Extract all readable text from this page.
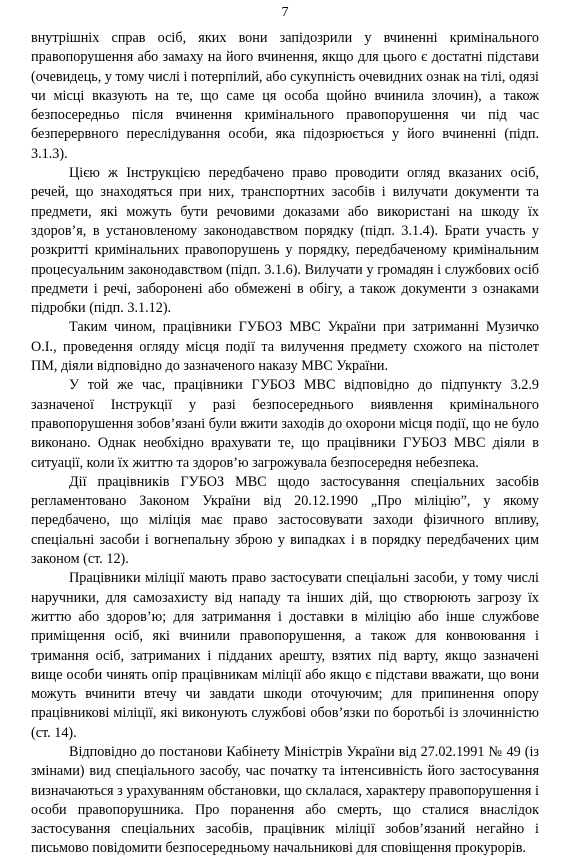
7

внутрішніх справ осіб, яких вони запідозрили у вчиненні кримінального правопорушення або замаху на його вчинення, якщо для цього є достатні підстави (очевидець, у тому числі і потерпілий, або сукупність очевидних ознак на тілі, одязі чи місці вказують на те, що саме ця особа щойно вчинила злочин), а також безпосередньо після вчинення кримінального правопорушення чи під час безперервного переслідування особи, яка підозрюється у його вчиненні (підп. 3.1.3).

Цією ж Інструкцією передбачено право проводити огляд вказаних осіб, речей, що знаходяться при них, транспортних засобів і вилучати документи та предмети, які можуть бути речовими доказами або використані на шкоду їх здоров’я, в установленому законодавством порядку (підп. 3.1.4). Брати участь у розкритті кримінальних правопорушень у порядку, передбаченому кримінальним процесуальним законодавством (підп. 3.1.6). Вилучати у громадян і службових осіб предмети і речі, заборонені або обмежені в обігу, а також документи з ознаками підробки (підп. 3.1.12).

Таким чином, працівники ГУБОЗ МВС України при затриманні Музичко О.І., проведення огляду місця події та вилучення предмету схожого на пістолет ПМ, діяли відповідно до зазначеного наказу МВС України.

У той же час, працівники ГУБОЗ МВС відповідно до підпункту 3.2.9 зазначеної Інструкції у разі безпосереднього виявлення кримінального правопорушення зобов’язані були вжити заходів до охорони місця події, що не було виконано. Однак необхідно врахувати те, що працівники ГУБОЗ МВС діяли в ситуації, коли їх життю та здоров’ю загрожувала безпосередня небезпека.

Дії працівників ГУБОЗ МВС щодо застосування спеціальних засобів регламентовано Законом України від 20.12.1990 „Про міліцію”, у якому передбачено, що міліція має право застосовувати заходи фізичного впливу, спеціальні засоби і вогнепальну зброю у випадках і в порядку передбачених цим законом (ст. 12).

Працівники міліції мають право застосувати спеціальні засоби, у тому числі наручники, для самозахисту від нападу та інших дій, що створюють загрозу їх життю або здоров’ю; для затримання і доставки в міліцію або інше службове приміщення осіб, які вчинили правопорушення, а також для конвоювання і тримання осіб, затриманих і підданих арешту, взятих під варту, якщо зазначені вище особи чинять опір працівникам міліції або якщо є підстави вважати, що вони можуть вчинити втечу чи завдати шкоди оточуючим; для припинення опору працівникові міліції, які виконують службові обов’язки по боротьбі із злочинністю (ст. 14).

Відповідно до постанови Кабінету Міністрів України від 27.02.1991 № 49 (із змінами) вид спеціального засобу, час початку та інтенсивність його застосування визначаються з урахуванням обстановки, що склалася, характеру правопорушення і особи правопорушника. Про поранення або смерть, що сталися внаслідок застосування спеціальних засобів, працівник міліції зобов’язаний негайно і письмово повідомити безпосередньому начальникові для сповіщення прокурорів.
